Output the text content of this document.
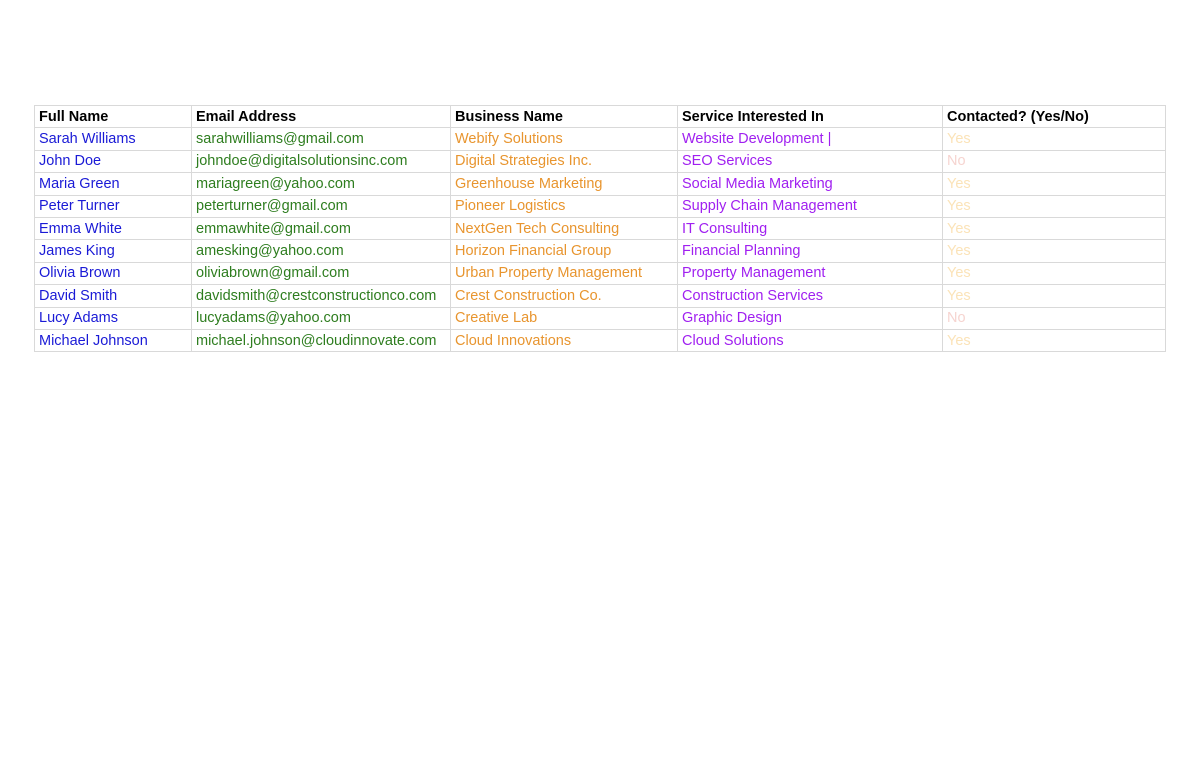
Full Name	Email Address	Business Name	Service Interested In	Contacted? (Yes/No)
Sarah Williams	sarahwilliams@gmail.com	Webify Solutions	Website Development |	Yes
John Doe	johndoe@digitalsolutionsinc.com	Digital Strategies Inc.	SEO Services	No
Maria Green	mariagreen@yahoo.com	Greenhouse Marketing	Social Media Marketing	Yes
Peter Turner	peterturner@gmail.com	Pioneer Logistics	Supply Chain Management	Yes
Emma White	emmawhite@gmail.com	NextGen Tech Consulting	IT Consulting	Yes
James King	amesking@yahoo.com	Horizon Financial Group	Financial Planning	Yes
Olivia Brown	oliviabrown@gmail.com	Urban Property Management	Property Management	Yes
David Smith	davidsmith@crestconstructionco.com	Crest Construction Co.	Construction Services	Yes
Lucy Adams	lucyadams@yahoo.com	Creative Lab	Graphic Design	No
Michael Johnson	michael.johnson@cloudinnovate.com	Cloud Innovations	Cloud Solutions	Yes
